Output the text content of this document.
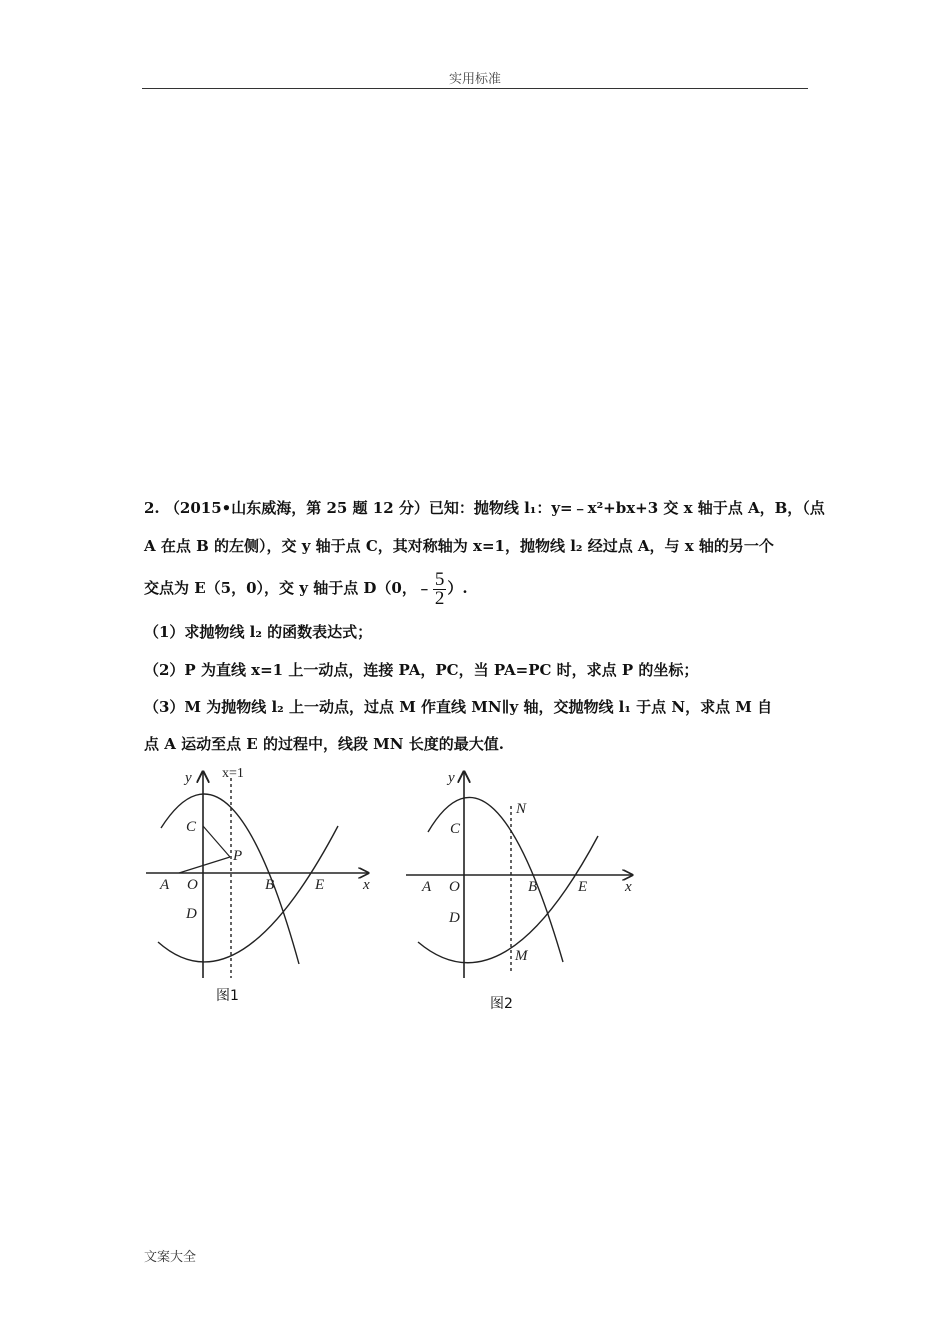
实用标准
2. （2015•山东威海，第 25 题 12 分）已知：抛物线 l₁：y=﹣x²+bx+3 交 x 轴于点 A，B，（点
A 在点 B 的左侧），交 y 轴于点 C，其对称轴为 x=1，抛物线 l₂ 经过点 A，与 x 轴的另一个
交点为 E（5，0），交 y 轴于点 D（0，﹣ $\frac{5}{2}$ ）.
（1）求抛物线 l₂ 的函数表达式；
（2）P 为直线 x=1 上一动点，连接 PA，PC，当 PA=PC 时，求点 P 的坐标；
（3）M 为抛物线 l₂ 上一动点，过点 M 作直线 MN∥y 轴，交抛物线 l₁ 于点 N，求点 M 自
点 A 运动至点 E 的过程中，线段 MN 长度的最大值.
y x=1
C
P
A O	B	E	x
D
图1
y
N
C
A O	B	E	x
D
M
图2
文案大全
